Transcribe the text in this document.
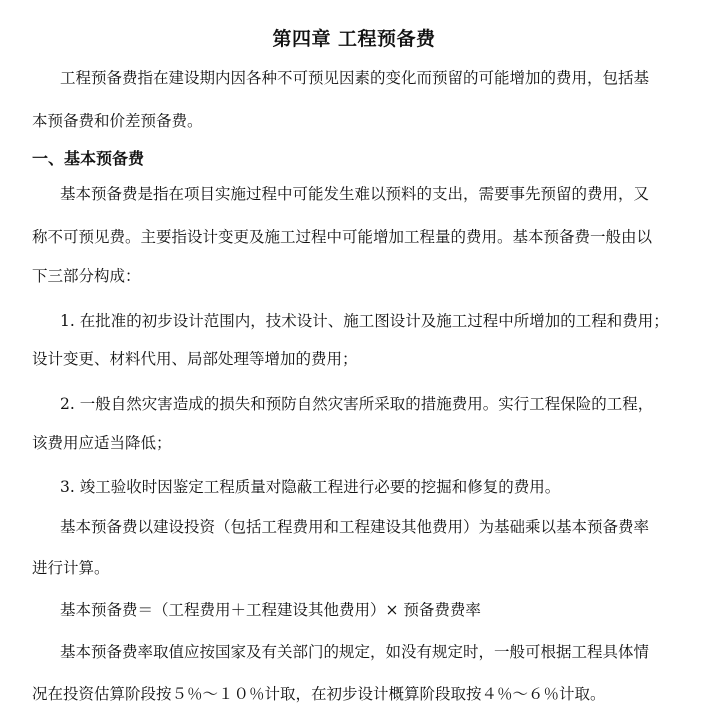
第四章 工程预备费
工程预备费指在建设期内因各种不可预见因素的变化而预留的可能增加的费用，包括基
本预备费和价差预备费。
一、基本预备费
基本预备费是指在项目实施过程中可能发生难以预料的支出，需要事先预留的费用，又
称不可预见费。主要指设计变更及施工过程中可能增加工程量的费用。基本预备费一般由以
下三部分构成：
1. 在批准的初步设计范围内，技术设计、施工图设计及施工过程中所增加的工程和费用；
设计变更、材料代用、局部处理等增加的费用；
2. 一般自然灾害造成的损失和预防自然灾害所采取的措施费用。实行工程保险的工程，
该费用应适当降低；
3. 竣工验收时因鉴定工程质量对隐蔽工程进行必要的挖掘和修复的费用。
基本预备费以建设投资（包括工程费用和工程建设其他费用）为基础乘以基本预备费率
进行计算。
基本预备费＝（工程费用＋工程建设其他费用）× 预备费费率
基本预备费率取值应按国家及有关部门的规定，如没有规定时，一般可根据工程具体情
况在投资估算阶段按５％～１０％计取，在初步设计概算阶段取按４％～６％计取。
